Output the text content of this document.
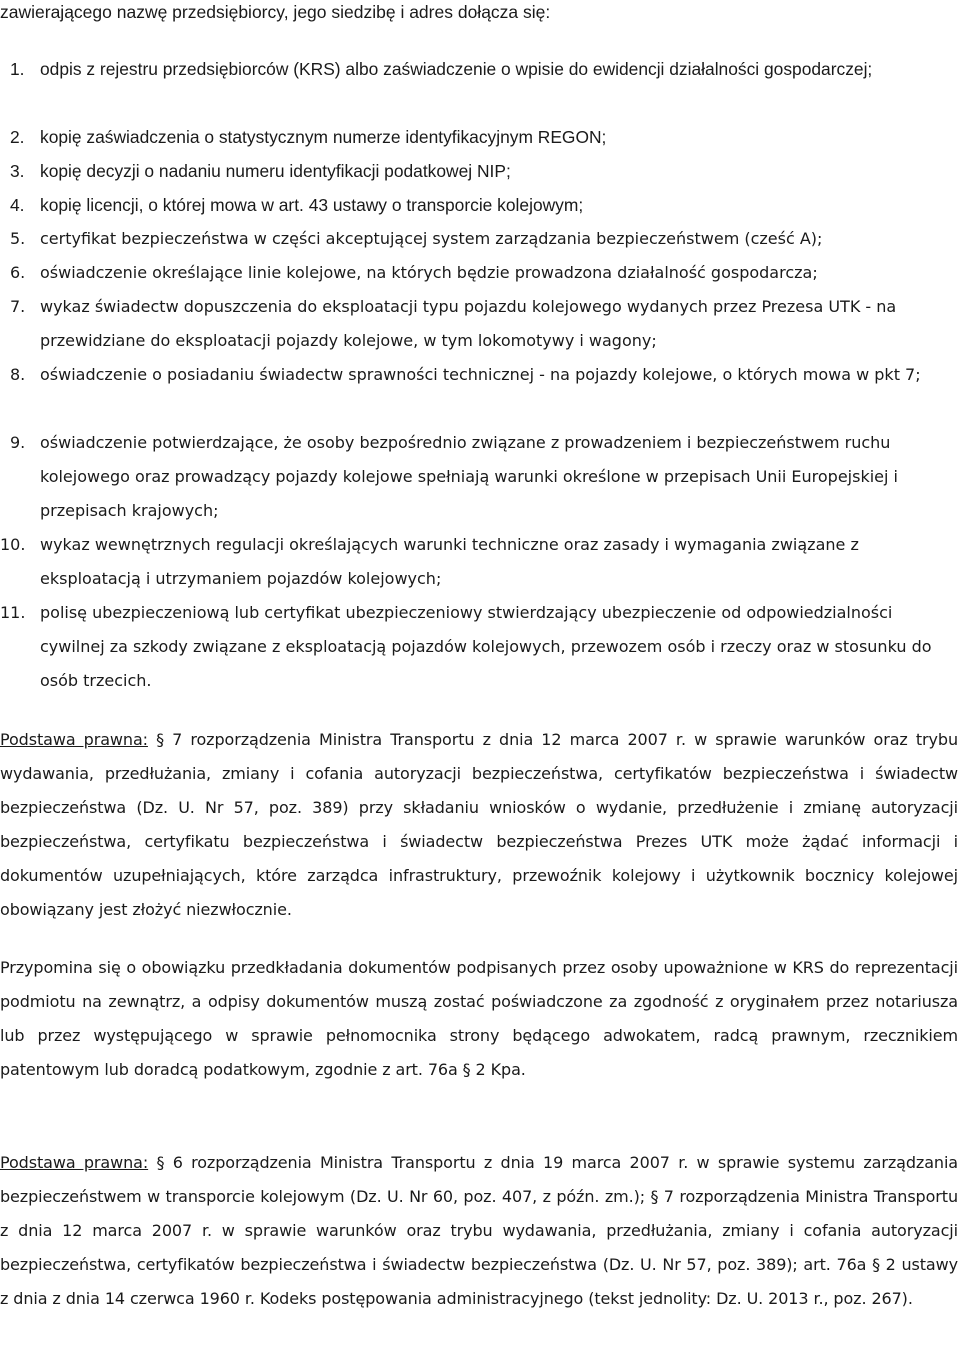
zawierającego nazwę przedsiębiorcy, jego siedzibę i adres dołącza się:
1. odpis z rejestru przedsiębiorców (KRS) albo zaświadczenie o wpisie do ewidencji działalności gospodarczej;

2. kopię zaświadczenia o statystycznym numerze identyfikacyjnym REGON;

3. kopię decyzji o nadaniu numeru identyfikacji podatkowej NIP;

4. kopię licencji, o której mowa w art. 43 ustawy o transporcie kolejowym;

5. certyfikat bezpieczeństwa w części akceptującej system zarządzania bezpieczeństwem (cześć A);

6. oświadczenie określające linie kolejowe, na których będzie prowadzona działalność gospodarcza;

7. wykaz świadectw dopuszczenia do eksploatacji typu pojazdu kolejowego wydanych przez Prezesa UTK - na przewidziane do eksploatacji pojazdy kolejowe, w tym lokomotywy i wagony;

8. oświadczenie o posiadaniu świadectw sprawności technicznej - na pojazdy kolejowe, o których mowa w pkt 7;

9. oświadczenie potwierdzające, że osoby bezpośrednio związane z prowadzeniem i bezpieczeństwem ruchu kolejowego oraz prowadzący pojazdy kolejowe spełniają warunki określone w przepisach Unii Europejskiej i przepisach krajowych;

10. wykaz wewnętrznych regulacji określających warunki techniczne oraz zasady i wymagania związane z eksploatacją i utrzymaniem pojazdów kolejowych;

11. polisę ubezpieczeniową lub certyfikat ubezpieczeniowy stwierdzający ubezpieczenie od odpowiedzialności cywilnej za szkody związane z eksploatacją pojazdów kolejowych, przewozem osób i rzeczy oraz w stosunku do osób trzecich.

Podstawa prawna: § 7 rozporządzenia Ministra Transportu z dnia 12 marca 2007 r. w sprawie warunków oraz trybu wydawania, przedłużania, zmiany i cofania autoryzacji bezpieczeństwa, certyfikatów bezpieczeństwa i świadectw bezpieczeństwa (Dz. U. Nr 57, poz. 389) przy składaniu wniosków o wydanie, przedłużenie i zmianę autoryzacji bezpieczeństwa, certyfikatu bezpieczeństwa i świadectw bezpieczeństwa Prezes UTK może żądać informacji i dokumentów uzupełniających, które zarządca infrastruktury, przewoźnik kolejowy i użytkownik bocznicy kolejowej obowiązany jest złożyć niezwłocznie.

Przypomina się o obowiązku przedkładania dokumentów podpisanych przez osoby upoważnione w KRS do reprezentacji podmiotu na zewnątrz, a odpisy dokumentów muszą zostać poświadczone za zgodność z oryginałem przez notariusza lub przez występującego w sprawie pełnomocnika strony będącego adwokatem, radcą prawnym, rzecznikiem patentowym lub doradcą podatkowym, zgodnie z art. 76a § 2 Kpa.

Podstawa prawna: § 6 rozporządzenia Ministra Transportu z dnia 19 marca 2007 r. w sprawie systemu zarządzania bezpieczeństwem w transporcie kolejowym (Dz. U. Nr 60, poz. 407, z późn. zm.); § 7 rozporządzenia Ministra Transportu z dnia 12 marca 2007 r. w sprawie warunków oraz trybu wydawania, przedłużania, zmiany i cofania autoryzacji bezpieczeństwa, certyfikatów bezpieczeństwa i świadectw bezpieczeństwa (Dz. U. Nr 57, poz. 389); art. 76a § 2 ustawy z dnia z dnia 14 czerwca 1960 r. Kodeks postępowania administracyjnego (tekst jednolity: Dz. U. 2013 r., poz. 267).
